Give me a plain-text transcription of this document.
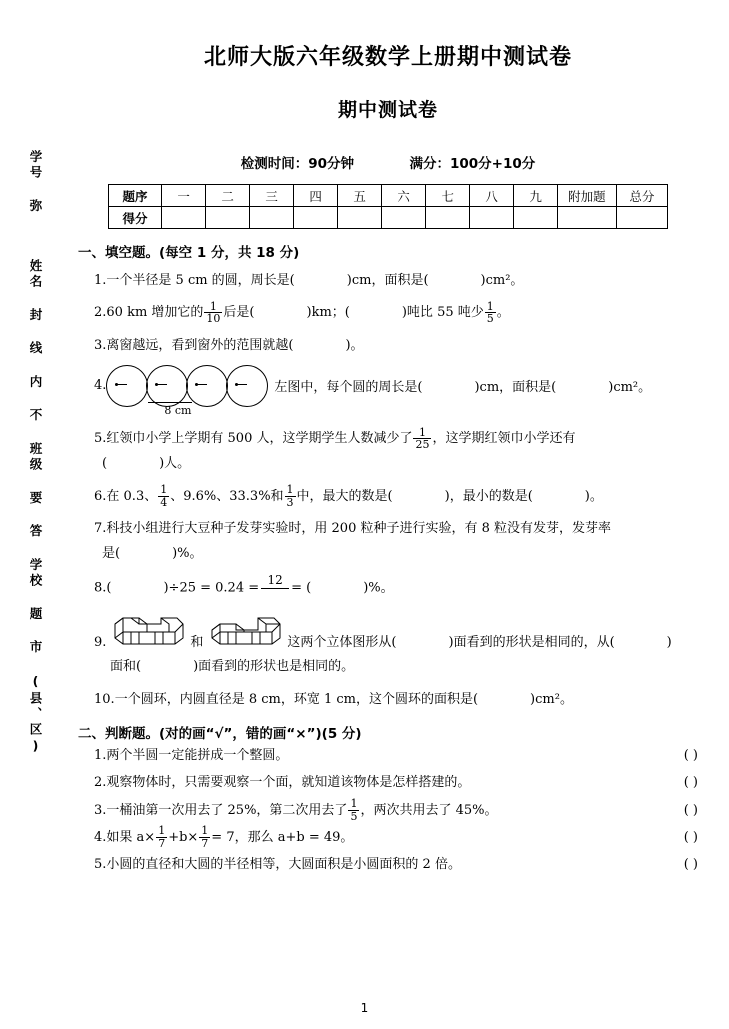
学号
弥
姓名
封
线
内
不
班级
要
答
学校
题
市 (县、区)
北师大版六年级数学上册期中测试卷
期中测试卷
检测时间：90分钟	满分：100分+10分
题序	一	二	三	四	五	六	七	八	九	附加题	总分
得分											
一、填空题。(每空 1 分，共 18 分)
1.一个半径是 5 cm 的圆，周长是(	)cm，面积是(	)cm²。
2.60 km 增加它的 $\frac{1}{10}$ 后是(	)km；(	)吨比 55 吨少 $\frac{1}{5}$ 。
3.离窗越远，看到窗外的范围就越(	)。
4.
8 cm
左图中，每个圆的周长是(	)cm，面积是(	)cm²。
5.红领巾小学上学期有 500 人，这学期学生人数减少了 $\frac{1}{25}$ ，这学期红领巾小学还有
(	)人。
6.在 0.3、 $\frac{1}{4}$ 、9.6%、33.3%和 $\frac{1}{3}$ 中，最大的数是(	)，最小的数是(	)。
7.科技小组进行大豆种子发芽实验时，用 200 粒种子进行实验，有 8 粒没有发芽，发芽率
是(	)%。
8.(	)÷25 = 0.24 =
12

= (	)%。
9.	和	这两个立体图形从(	)面看到的形状是相同的，从(	)
面和(	)面看到的形状也是相同的。
10.一个圆环，内圆直径是 8 cm，环宽 1 cm，这个圆环的面积是(	)cm²。
二、判断题。(对的画“√”，错的画“×”)(5 分)
1.两个半圆一定能拼成一个整圆。	( )
2.观察物体时，只需要观察一个面，就知道该物体是怎样搭建的。	( )
3.一桶油第一次用去了 25%，第二次用去了 $\frac{1}{5}$ ，两次共用去了 45%。	( )
4.如果 $a\times \frac{1}{7} +b\times \frac{1}{7} = 7$，那么 a+b = 49。	( )
5.小圆的直径和大圆的半径相等，大圆面积是小圆面积的 2 倍。	( )
1
